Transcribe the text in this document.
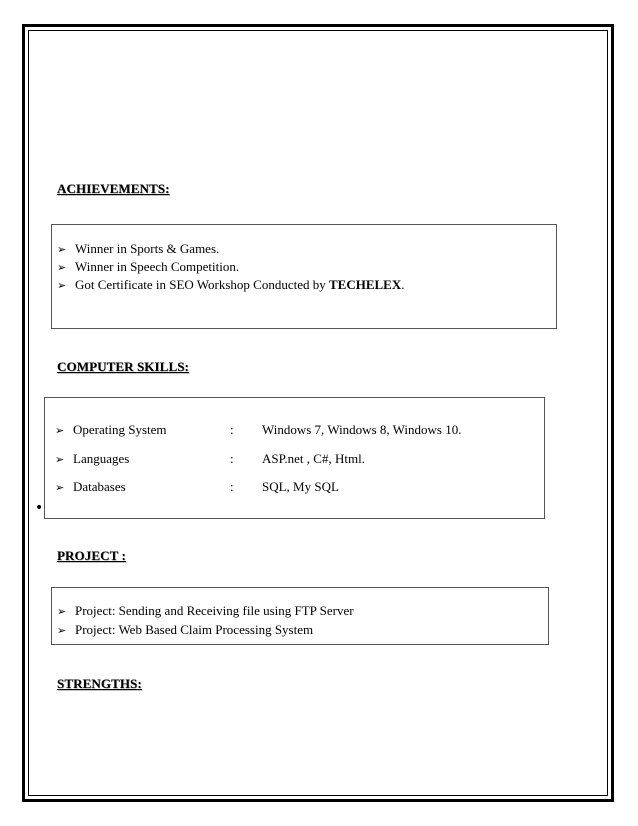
ACHIEVEMENTS:
➢ Winner in Sports & Games.
➢ Winner in Speech Competition.
➢ Got Certificate in SEO Workshop Conducted by TECHELEX.
COMPUTER SKILLS:
➢ Operating System	: Windows 7, Windows 8, Windows 10.
➢ Languages	: ASP.net , C#, Html.
➢ Databases	: SQL, My SQL
•
PROJECT :
➢ Project: Sending and Receiving file using FTP Server
➢ Project: Web Based Claim Processing System
STRENGTHS:
